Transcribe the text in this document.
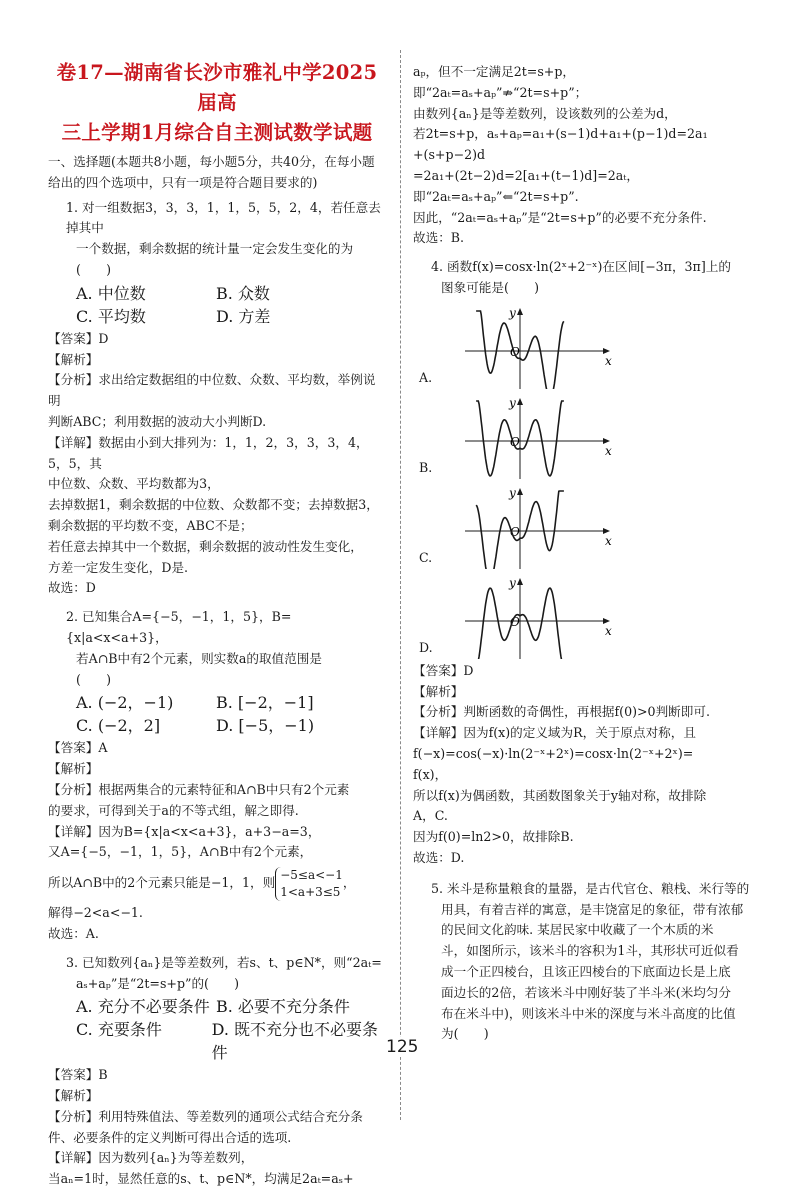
卷17—湖南省长沙市雅礼中学2025届高
三上学期1月综合自主测试数学试题

一、选择题(本题共8小题，每小题5分，共40分，在每小题

给出的四个选项中，只有一项是符合题目要求的)

1. 对一组数据3，3，3，1，1，5，5，2，4，若任意去掉其中

一个数据，剩余数据的统计量一定会发生变化的为

(　　)

A. 中位数	B. 众数
C. 平均数	D. 方差

【答案】D

【解析】

【分析】求出给定数据组的中位数、众数、平均数，举例说明

判断ABC；利用数据的波动大小判断D.

【详解】数据由小到大排列为：1，1，2，3，3，3，4，5，5，其

中位数、众数、平均数都为3，

去掉数据1，剩余数据的中位数、众数都不变；去掉数据3，

剩余数据的平均数不变，ABC不是；

若任意去掉其中一个数据，剩余数据的波动性发生变化，

方差一定发生变化，D是.

故选：D

2. 已知集合A={−5，−1，1，5}，B={x|a<x<a+3}，

若A∩B中有2个元素，则实数a的取值范围是

(　　)

A. (−2，−1)	B. [−2，−1]
C. (−2，2]	D. [−5，−1)

【答案】A

【解析】

【分析】根据两集合的元素特征和A∩B中只有2个元素

的要求，可得到关于a的不等式组，解之即得.

【详解】因为B={x|a<x<a+3}，a+3−a=3，

又A={−5，−1，1，5}，A∩B中有2个元素，

所以A∩B中的2个元素只能是−1，1，则−5≤a<−1
1<a+3≤5，

解得−2<a<−1.

故选：A.

3. 已知数列{aₙ}是等差数列，若s、t、p∈N*，则“2aₜ=

aₛ+aₚ”是“2t=s+p”的(　　)

A. 充分不必要条件 B. 必要不充分条件
C. 充要条件	D. 既不充分也不必要条件

【答案】B

【解析】

【分析】利用特殊值法、等差数列的通项公式结合充分条

件、必要条件的定义判断可得出合适的选项.

【详解】因为数列{aₙ}为等差数列，

当aₙ=1时，显然任意的s、t、p∈N*，均满足2aₜ=aₛ+

aₚ，但不一定满足2t=s+p，

即“2aₜ=aₛ+aₚ”⇏“2t=s+p”；

由数列{aₙ}是等差数列，设该数列的公差为d，

若2t=s+p，aₛ+aₚ=a₁+(s−1)d+a₁+(p−1)d=2a₁

+(s+p−2)d

=2a₁+(2t−2)d=2[a₁+(t−1)d]=2aₜ，

即“2aₜ=aₛ+aₚ”⇐“2t=s+p”.

因此，“2aₜ=aₛ+aₚ”是“2t=s+p”的必要不充分条件.

故选：B.

4. 函数f(x)=cosx·ln(2ˣ+2⁻ˣ)在区间[−3π，3π]上的

图象可能是(　　)

A.
y
x
O
B.
y
x
O
C.
y
x
O
D.
y
x
O

【答案】D

【解析】

【分析】判断函数的奇偶性，再根据f(0)>0判断即可.

【详解】因为f(x)的定义域为R，关于原点对称，且

f(−x)=cos(−x)·ln(2⁻ˣ+2ˣ)=cosx·ln(2⁻ˣ+2ˣ)=

f(x)，

所以f(x)为偶函数，其函数图象关于y轴对称，故排除

A，C.

因为f(0)=ln2>0，故排除B.

故选：D.

5. 米斗是称量粮食的量器，是古代官仓、粮栈、米行等的

用具，有着吉祥的寓意，是丰饶富足的象征，带有浓郁

的民间文化韵味. 某居民家中收藏了一个木质的米

斗，如图所示，该米斗的容积为1斗，其形状可近似看

成一个正四棱台，且该正四棱台的下底面边长是上底

面边长的2倍，若该米斗中刚好装了半斗米(米均匀分

布在米斗中)，则该米斗中米的深度与米斗高度的比值

为(　　)

125
